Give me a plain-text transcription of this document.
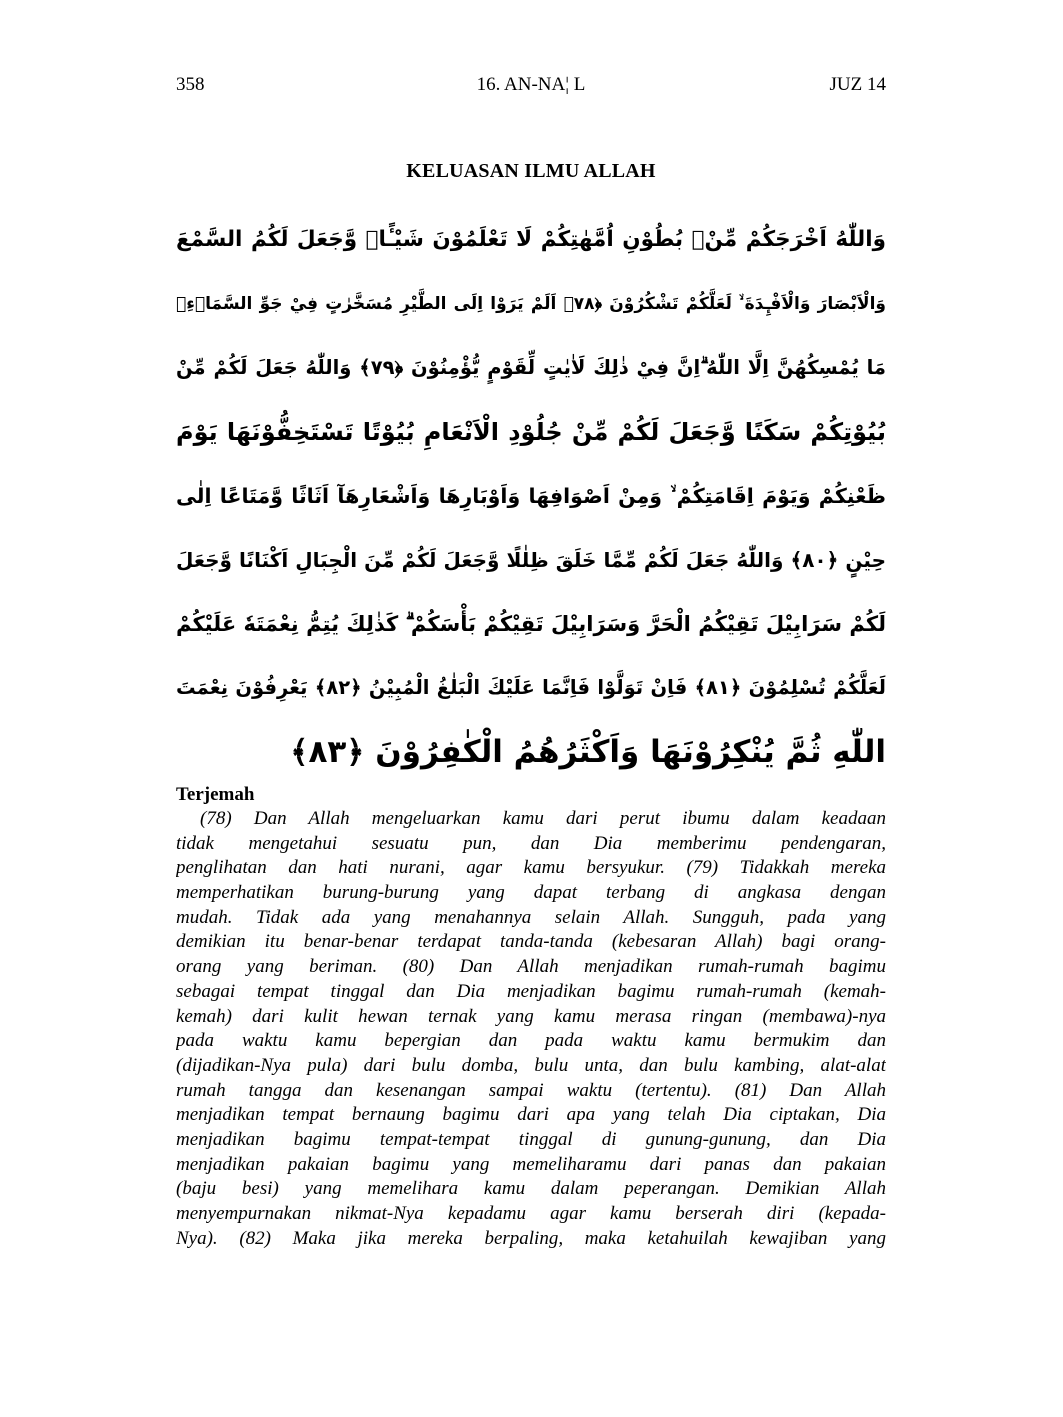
358	16. AN-NA¦ L	JUZ 14
KELUASAN ILMU ALLAH
وَاللّٰهُ اَخْرَجَكُمْ مِّنْۢ بُطُوْنِ اُمَّهٰتِكُمْ لَا تَعْلَمُوْنَ شَيْـًٔاۙ وَّجَعَلَ لَكُمُ السَّمْعَ
وَالْاَبْصَارَ وَالْاَفْـِٕدَةَ ۙ لَعَلَّكُمْ تَشْكُرُوْنَ ﴿٧٨﴾ اَلَمْ يَرَوْا اِلَى الطَّيْرِ مُسَخَّرٰتٍ فِيْ جَوِّ السَّمَاۤءِۗ
مَا يُمْسِكُهُنَّ اِلَّا اللّٰهُ ۗاِنَّ فِيْ ذٰلِكَ لَاٰيٰتٍ لِّقَوْمٍ يُّؤْمِنُوْنَ ﴿٧٩﴾ وَاللّٰهُ جَعَلَ لَكُمْ مِّنْ
بُيُوْتِكُمْ سَكَنًا وَّجَعَلَ لَكُمْ مِّنْ جُلُوْدِ الْاَنْعَامِ بُيُوْتًا تَسْتَخِفُّوْنَهَا يَوْمَ
ظَعْنِكُمْ وَيَوْمَ اِقَامَتِكُمْ ۙ وَمِنْ اَصْوَافِهَا وَاَوْبَارِهَا وَاَشْعَارِهَآ اَثَاثًا وَّمَتَاعًا اِلٰى
حِيْنٍ ﴿٨٠﴾ وَاللّٰهُ جَعَلَ لَكُمْ مِّمَّا خَلَقَ ظِلٰلًا وَّجَعَلَ لَكُمْ مِّنَ الْجِبَالِ اَكْنَانًا وَّجَعَلَ
لَكُمْ سَرَابِيْلَ تَقِيْكُمُ الْحَرَّ وَسَرَابِيْلَ تَقِيْكُمْ بَأْسَكُمْ ۗ كَذٰلِكَ يُتِمُّ نِعْمَتَهٗ عَلَيْكُمْ
لَعَلَّكُمْ تُسْلِمُوْنَ ﴿٨١﴾ فَاِنْ تَوَلَّوْا فَاِنَّمَا عَلَيْكَ الْبَلٰغُ الْمُبِيْنُ ﴿٨٢﴾ يَعْرِفُوْنَ نِعْمَتَ
اللّٰهِ ثُمَّ يُنْكِرُوْنَهَا وَاَكْثَرُهُمُ الْكٰفِرُوْنَ ﴿٨٣﴾
Terjemah
(78) Dan Allah mengeluarkan kamu dari perut ibumu dalam keadaan
tidak mengetahui sesuatu pun, dan Dia memberimu pendengaran,
penglihatan dan hati nurani, agar kamu bersyukur. (79) Tidakkah mereka
memperhatikan burung-burung yang dapat terbang di angkasa dengan
mudah. Tidak ada yang menahannya selain Allah. Sungguh, pada yang
demikian itu benar-benar terdapat tanda-tanda (kebesaran Allah) bagi orang-
orang yang beriman. (80) Dan Allah menjadikan rumah-rumah bagimu
sebagai tempat tinggal dan Dia menjadikan bagimu rumah-rumah (kemah-
kemah) dari kulit hewan ternak yang kamu merasa ringan (membawa)-nya
pada waktu kamu bepergian dan pada waktu kamu bermukim dan
(dijadikan-Nya pula) dari bulu domba, bulu unta, dan bulu kambing, alat-alat
rumah tangga dan kesenangan sampai waktu (tertentu). (81) Dan Allah
menjadikan tempat bernaung bagimu dari apa yang telah Dia ciptakan, Dia
menjadikan bagimu tempat-tempat tinggal di gunung-gunung, dan Dia
menjadikan pakaian bagimu yang memeliharamu dari panas dan pakaian
(baju besi) yang memelihara kamu dalam peperangan. Demikian Allah
menyempurnakan nikmat-Nya kepadamu agar kamu berserah diri (kepada-
Nya). (82) Maka jika mereka berpaling, maka ketahuilah kewajiban yang
